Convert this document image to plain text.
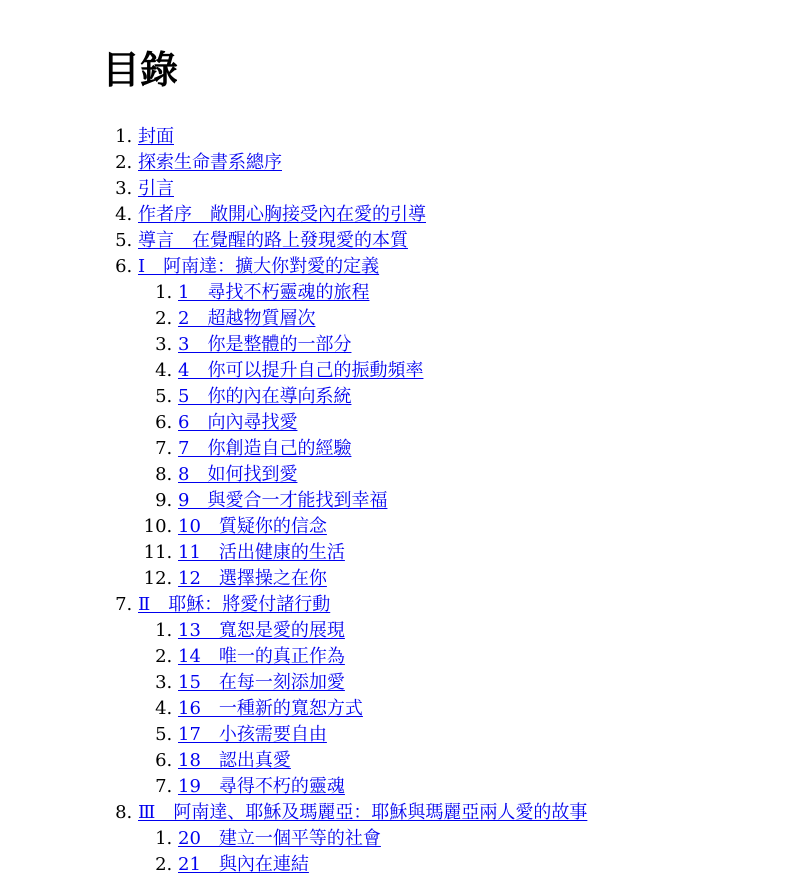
目錄
1. 封面
2. 探索生命書系總序
3. 引言
4. 作者序　敞開心胸接受內在愛的引導
5. 導言　在覺醒的路上發現愛的本質
6. Ⅰ　阿南達：擴大你對愛的定義
1. 1　尋找不朽靈魂的旅程
2. 2　超越物質層次
3. 3　你是整體的一部分
4. 4　你可以提升自己的振動頻率
5. 5　你的內在導向系統
6. 6　向內尋找愛
7. 7　你創造自己的經驗
8. 8　如何找到愛
9. 9　與愛合一才能找到幸福
10. 10　質疑你的信念
11. 11　活出健康的生活
12. 12　選擇操之在你
7. Ⅱ　耶穌：將愛付諸行動
1. 13　寬恕是愛的展現
2. 14　唯一的真正作為
3. 15　在每一刻添加愛
4. 16　一種新的寬恕方式
5. 17　小孩需要自由
6. 18　認出真愛
7. 19　尋得不朽的靈魂
8. Ⅲ　阿南達、耶穌及瑪麗亞：耶穌與瑪麗亞兩人愛的故事
1. 20　建立一個平等的社會
2. 21　與內在連結
